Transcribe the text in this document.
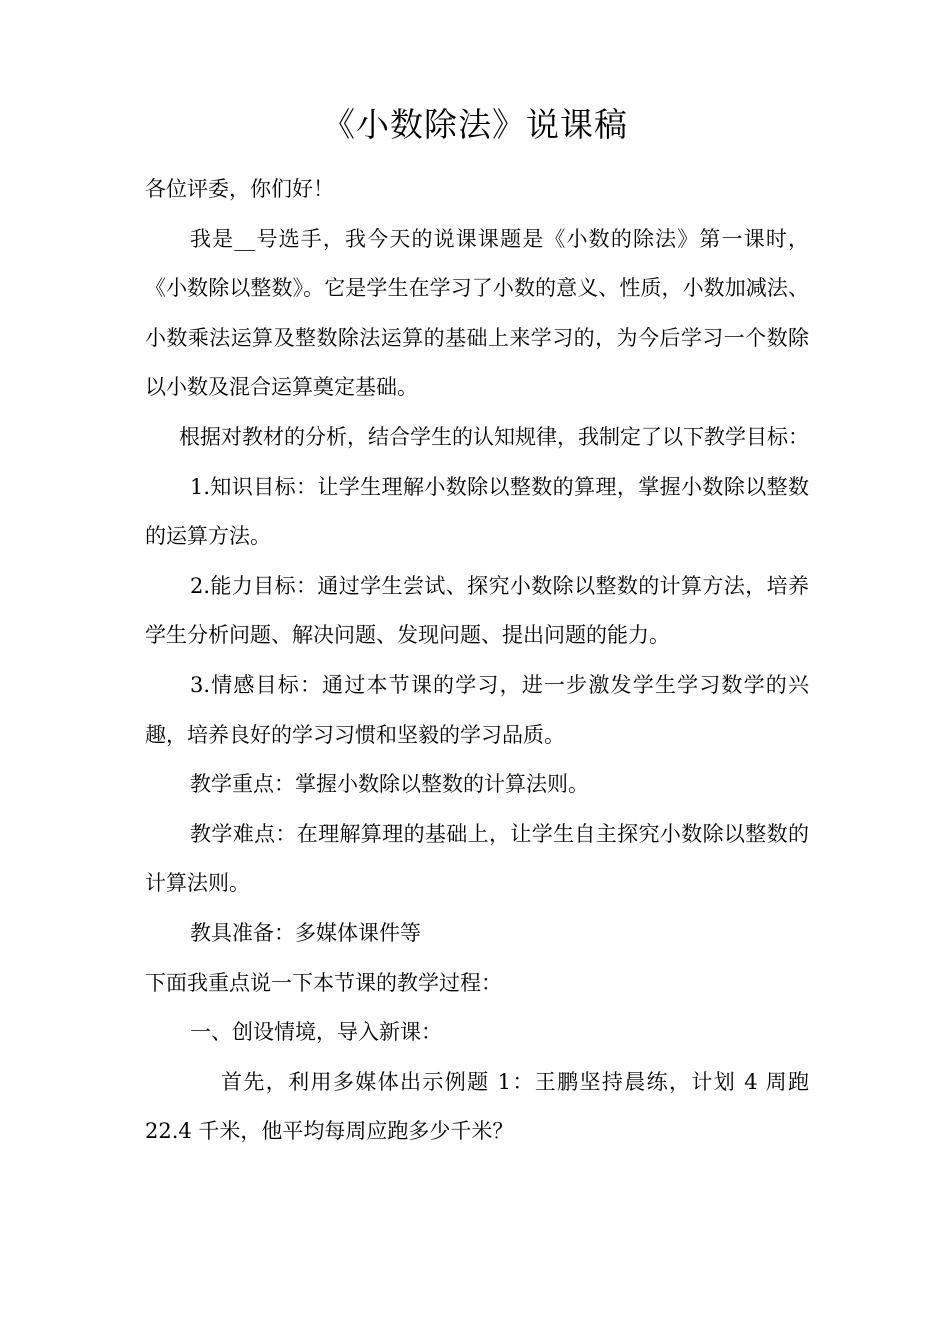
《小数除法》说课稿

各位评委，你们好！

我是__号选手，我今天的说课课题是《小数的除法》第一课时，《小数除以整数》。它是学生在学习了小数的意义、性质，小数加减法、小数乘法运算及整数除法运算的基础上来学习的，为今后学习一个数除以小数及混合运算奠定基础。

根据对教材的分析，结合学生的认知规律，我制定了以下教学目标：

1.知识目标：让学生理解小数除以整数的算理，掌握小数除以整数的运算方法。

2.能力目标：通过学生尝试、探究小数除以整数的计算方法，培养学生分析问题、解决问题、发现问题、提出问题的能力。

3.情感目标：通过本节课的学习，进一步激发学生学习数学的兴趣，培养良好的学习习惯和坚毅的学习品质。

教学重点：掌握小数除以整数的计算法则。

教学难点：在理解算理的基础上，让学生自主探究小数除以整数的计算法则。

教具准备：多媒体课件等

下面我重点说一下本节课的教学过程：

一、创设情境，导入新课：

首先，利用多媒体出示例题 1：王鹏坚持晨练，计划 4 周跑22.4 千米，他平均每周应跑多少千米？
